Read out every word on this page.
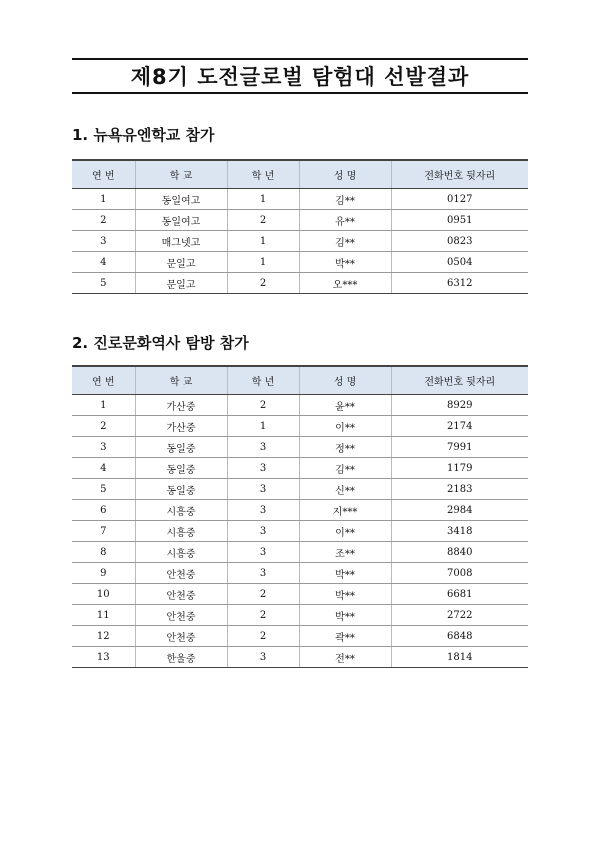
제8기 도전글로벌 탐험대 선발결과
1. 뉴욕유엔학교 참가
연 번	학 교	학 년	성 명	전화번호 뒷자리
1	동일여고	1	김**	0127
2	동일여고	2	유**	0951
3	매그넷고	1	김**	0823
4	문일고	1	박**	0504
5	문일고	2	오***	6312
2. 진로문화역사 탐방 참가
연 번	학 교	학 년	성 명	전화번호 뒷자리
1	가산중	2	윤**	8929
2	가산중	1	이**	2174
3	동일중	3	정**	7991
4	동일중	3	김**	1179
5	동일중	3	신**	2183
6	시흥중	3	지***	2984
7	시흥중	3	이**	3418
8	시흥중	3	조**	8840
9	안천중	3	박**	7008
10	안천중	2	박**	6681
11	안천중	2	박**	2722
12	안천중	2	곽**	6848
13	한울중	3	전**	1814
